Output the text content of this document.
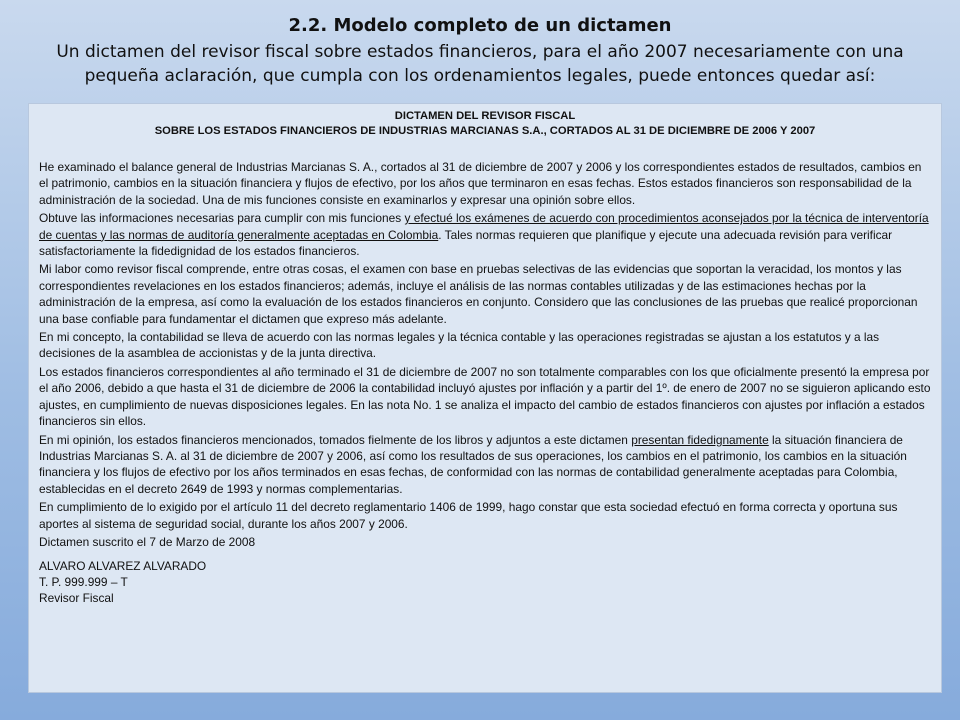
2.2. Modelo completo de un dictamen

Un dictamen del revisor fiscal sobre estados financieros, para el año 2007 necesariamente con una pequeña aclaración, que cumpla con los ordenamientos legales, puede entonces quedar así:

DICTAMEN DEL REVISOR FISCAL
SOBRE LOS ESTADOS FINANCIEROS DE INDUSTRIAS MARCIANAS S.A., CORTADOS AL 31 DE DICIEMBRE DE 2006 Y 2007

He examinado el balance general de Industrias Marcianas S. A., cortados al 31 de diciembre de 2007 y 2006 y los correspondientes estados de resultados, cambios en el patrimonio, cambios en la situación financiera y flujos de efectivo, por los años que terminaron en esas fechas. Estos estados financieros son responsabilidad de la administración de la sociedad. Una de mis funciones consiste en examinarlos y expresar una opinión sobre ellos.

Obtuve las informaciones necesarias para cumplir con mis funciones y efectué los exámenes de acuerdo con procedimientos aconsejados por la técnica de interventoría de cuentas y las normas de auditoría generalmente aceptadas en Colombia. Tales normas requieren que planifique y ejecute una adecuada revisión para verificar satisfactoriamente la fidedignidad de los estados financieros.

Mi labor como revisor fiscal comprende, entre otras cosas, el examen con base en pruebas selectivas de las evidencias que soportan la veracidad, los montos y las correspondientes revelaciones en los estados financieros; además, incluye el análisis de las normas contables utilizadas y de las estimaciones hechas por la administración de la empresa, así como la evaluación de los estados financieros en conjunto. Considero que las conclusiones de las pruebas que realicé proporcionan una base confiable para fundamentar el dictamen que expreso más adelante.

En mi concepto, la contabilidad se lleva de acuerdo con las normas legales y la técnica contable y las operaciones registradas se ajustan a los estatutos y a las decisiones de la asamblea de accionistas y de la junta directiva.

Los estados financieros correspondientes al año terminado el 31 de diciembre de 2007 no son totalmente comparables con los que oficialmente presentó la empresa por el año 2006, debido a que hasta el 31 de diciembre de 2006 la contabilidad incluyó ajustes por inflación y a partir del 1º. de enero de 2007 no se siguieron aplicando esto ajustes, en cumplimiento de nuevas disposiciones legales. En las nota No. 1 se analiza el impacto del cambio de estados financieros con ajustes por inflación a estados financieros sin ellos.

En mi opinión, los estados financieros mencionados, tomados fielmente de los libros y adjuntos a este dictamen presentan fidedignamente la situación financiera de Industrias Marcianas S. A. al 31 de diciembre de 2007 y 2006, así como los resultados de sus operaciones, los cambios en el patrimonio, los cambios en la situación financiera y los flujos de efectivo por los años terminados en esas fechas, de conformidad con las normas de contabilidad generalmente aceptadas para Colombia, establecidas en el decreto 2649 de 1993 y normas complementarias.

En cumplimiento de lo exigido por el artículo 11 del decreto reglamentario 1406 de 1999, hago constar que esta sociedad efectuó en forma correcta y oportuna sus aportes al sistema de seguridad social, durante los años 2007 y 2006.

Dictamen suscrito el 7 de Marzo de 2008

ALVARO ALVAREZ ALVARADO
T. P. 999.999 – T
Revisor Fiscal
